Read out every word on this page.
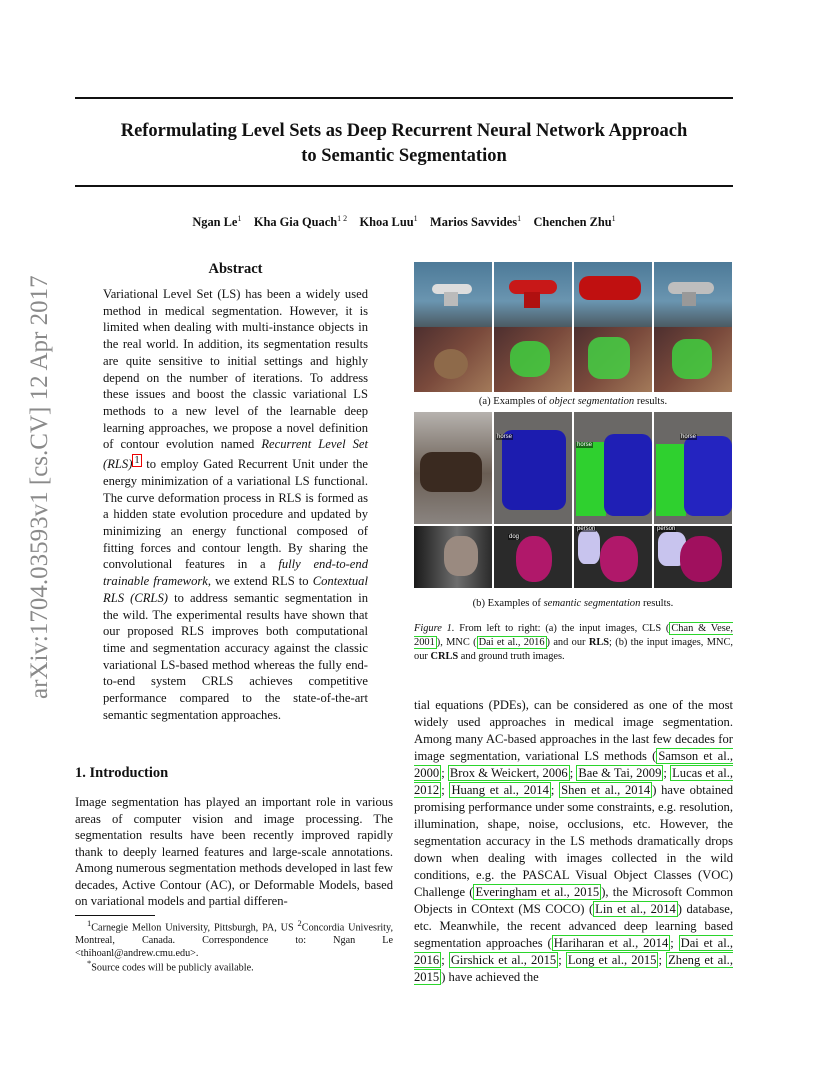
Reformulating Level Sets as Deep Recurrent Neural Network Approach
to Semantic Segmentation
Ngan Le$^1$ Kha Gia Quach$^{1 2}$ Khoa Luu$^1$ Marios Savvides$^1$ Chenchen Zhu$^1$
arXiv:1704.03593v1 [cs.CV] 12 Apr 2017
Abstract
Variational Level Set (LS) has been a widely used method in medical segmentation. However, it is limited when dealing with multi-instance objects in the real world. In addition, its segmentation results are quite sensitive to initial settings and highly depend on the number of iterations. To address these issues and boost the classic variational LS methods to a new level of the learnable deep learning approaches, we propose a novel definition of contour evolution named Recurrent Level Set (RLS) $^1$ to employ Gated Recurrent Unit under the energy minimization of a variational LS functional. The curve deformation process in RLS is formed as a hidden state evolution procedure and updated by minimizing an energy functional composed of fitting forces and contour length. By sharing the convolutional features in a fully end-to-end trainable framework, we extend RLS to Contextual RLS (CRLS) to address semantic segmentation in the wild. The experimental results have shown that our proposed RLS improves both computational time and segmentation accuracy against the classic variational LS-based method whereas the fully end-to-end system CRLS achieves competitive performance compared to the state-of-the-art semantic segmentation approaches.
1. Introduction
Image segmentation has played an important role in various areas of computer vision and image processing. The segmentation results have been recently improved rapidly thank to deeply learned features and large-scale annotations. Among numerous segmentation methods developed in last few decades, Active Contour (AC), or Deformable Models, based on variational models and partial differen-
$^1$Carnegie Mellon University, Pittsburgh, PA, US $^2$Concordia Univesrity, Montreal, Canada. Correspondence to: Ngan Le <thihoanl@andrew.cmu.edu>.
*Source codes will be publicly available.
(a) Examples of object segmentation results.
horse
horse
horse
dog
person	person
(b) Examples of semantic segmentation results.
Figure 1. From left to right: (a) the input images, CLS ( Chan & Vese, 2001 ), MNC ( Dai et al., 2016 ) and our RLS; (b) the input images, MNC, our CRLS and ground truth images.
tial equations (PDEs), can be considered as one of the most widely used approaches in medical image segmentation. Among many AC-based approaches in the last few decades for image segmentation, variational LS methods ( Samson et al., 2000 ; Brox & Weickert, 2006 ; Bae & Tai, 2009 ; Lucas et al., 2012 ; Huang et al., 2014 ; Shen et al., 2014 ) have obtained promising performance under some constraints, e.g. resolution, illumination, shape, noise, occlusions, etc. However, the segmentation accuracy in the LS methods dramatically drops down when dealing with images collected in the wild conditions, e.g. the PASCAL Visual Object Classes (VOC) Challenge ( Everingham et al., 2015 ), the Microsoft Common Objects in COntext (MS COCO) ( Lin et al., 2014 ) database, etc. Meanwhile, the recent advanced deep learning based segmentation approaches ( Hariharan et al., 2014 ; Dai et al., 2016 ; Girshick et al., 2015 ; Long et al., 2015 ; Zheng et al., 2015 ) have achieved the
